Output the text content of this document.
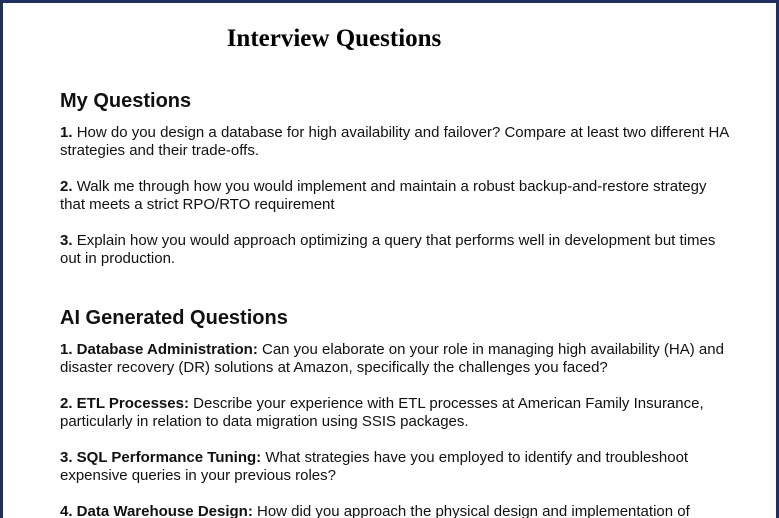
Interview Questions
My Questions

1. How do you design a database for high availability and failover? Compare at least two different HA strategies and their trade-offs.

2. Walk me through how you would implement and maintain a robust backup-and-restore strategy that meets a strict RPO/RTO requirement

3. Explain how you would approach optimizing a query that performs well in development but times out in production.

AI Generated Questions

1. Database Administration: Can you elaborate on your role in managing high availability (HA) and disaster recovery (DR) solutions at Amazon, specifically the challenges you faced?

2. ETL Processes: Describe your experience with ETL processes at American Family Insurance, particularly in relation to data migration using SSIS packages.

3. SQL Performance Tuning: What strategies have you employed to identify and troubleshoot expensive queries in your previous roles?

4. Data Warehouse Design: How did you approach the physical design and implementation of
